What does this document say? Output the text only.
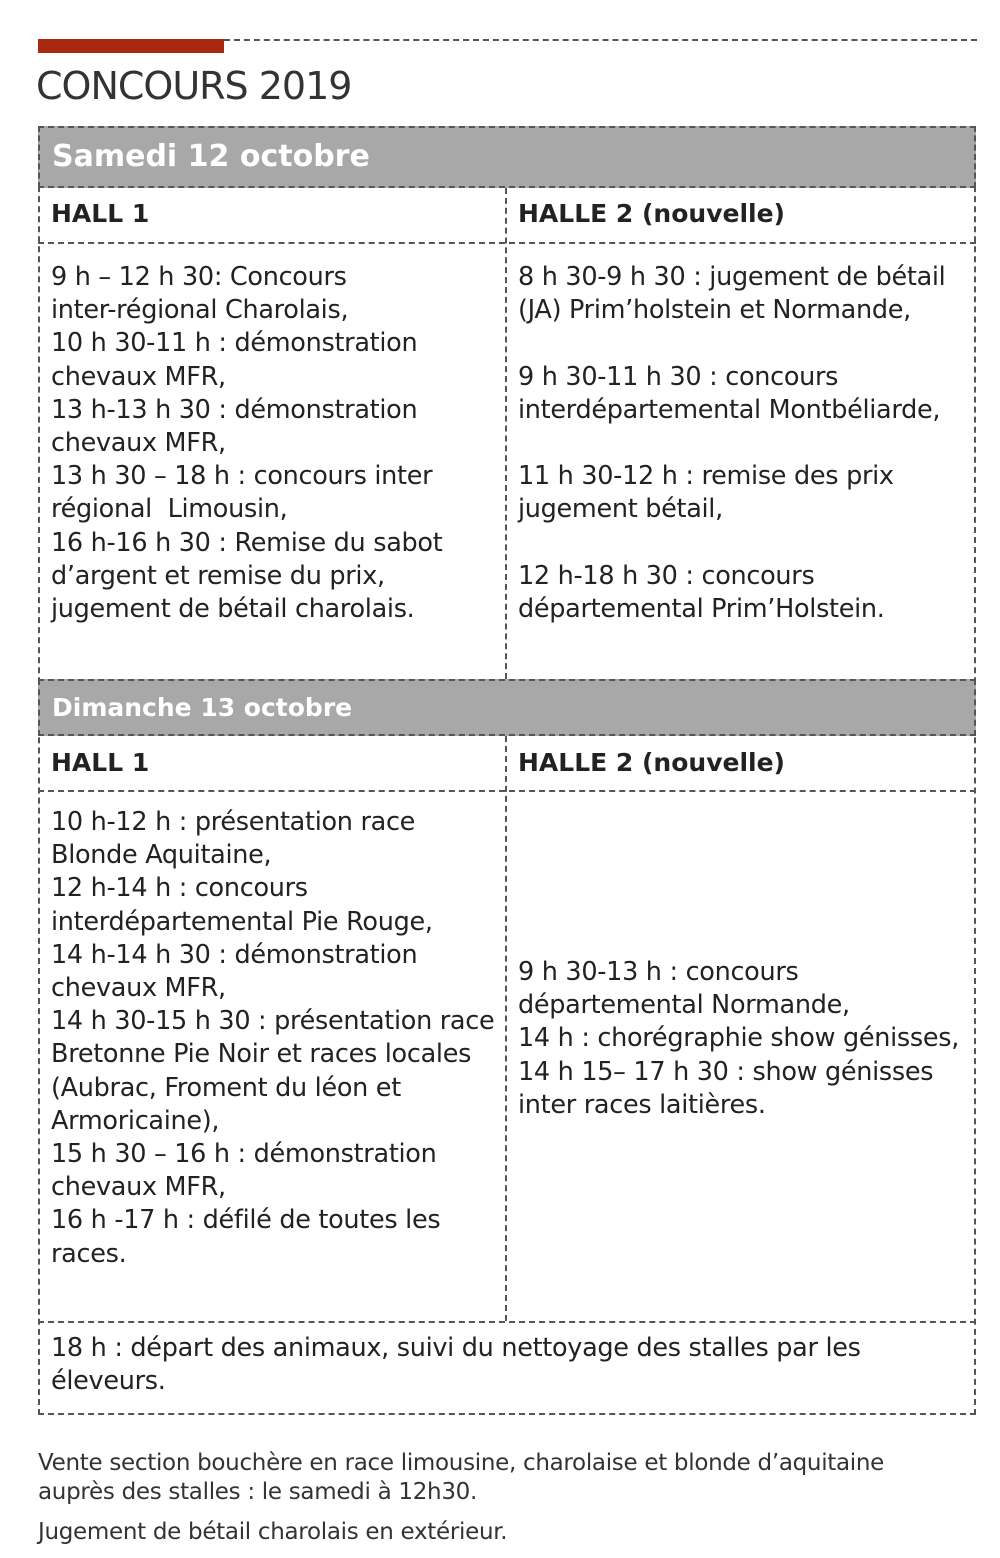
CONCOURS 2019
Samedi 12 octobre
HALL 1	HALLE 2 (nouvelle)
9 h – 12 h 30: Concours
inter-régional Charolais,
10 h 30-11 h : démonstration
chevaux MFR,
13 h-13 h 30 : démonstration
chevaux MFR,
13 h 30 – 18 h : concours inter
régional  Limousin,
16 h-16 h 30 : Remise du sabot
d’argent et remise du prix,
jugement de bétail charolais.
8 h 30-9 h 30 : jugement de bétail
(JA) Prim’holstein et Normande,

9 h 30-11 h 30 : concours
interdépartemental Montbéliarde,

11 h 30-12 h : remise des prix
jugement bétail,

12 h-18 h 30 : concours
départemental Prim’Holstein.
Dimanche 13 octobre
HALL 1	HALLE 2 (nouvelle)
10 h-12 h : présentation race
Blonde Aquitaine,
12 h-14 h : concours
interdépartemental Pie Rouge,
14 h-14 h 30 : démonstration
chevaux MFR,
14 h 30-15 h 30 : présentation race
Bretonne Pie Noir et races locales
(Aubrac, Froment du léon et
Armoricaine),
15 h 30 – 16 h : démonstration
chevaux MFR,
16 h -17 h : défilé de toutes les
races.
9 h 30-13 h : concours
départemental Normande,
14 h : chorégraphie show génisses,
14 h 15– 17 h 30 : show génisses
inter races laitières.
18 h : départ des animaux, suivi du nettoyage des stalles par les
éleveurs.
Vente section bouchère en race limousine, charolaise et blonde d’aquitaine
auprès des stalles : le samedi à 12h30.
Jugement de bétail charolais en extérieur.
